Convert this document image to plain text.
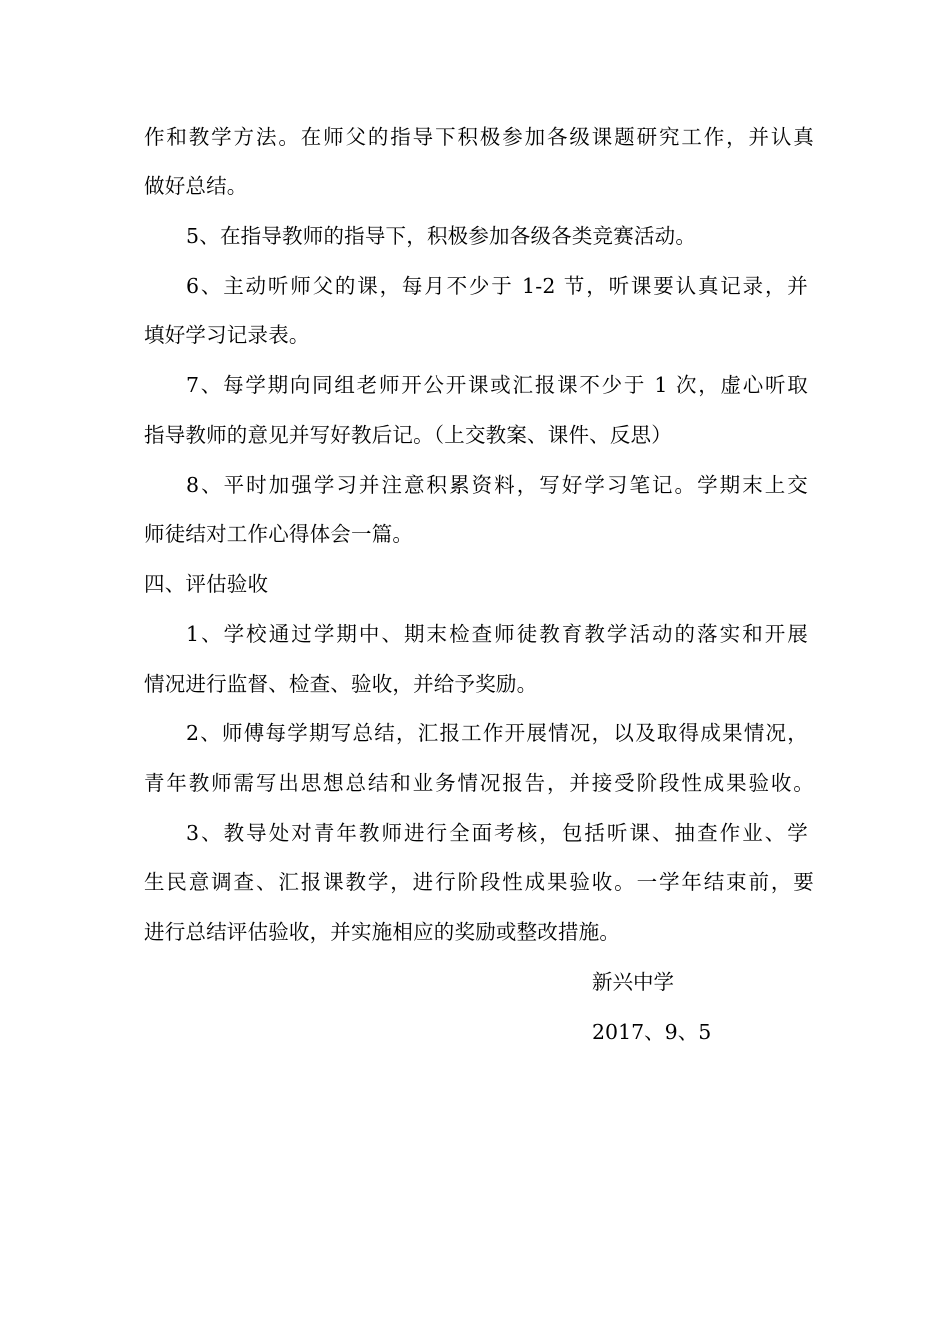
作和教学方法。在师父的指导下积极参加各级课题研究工作，并认真
做好总结。
5、在指导教师的指导下，积极参加各级各类竞赛活动。
6、主动听师父的课，每月不少于 1-2 节，听课要认真记录，并
填好学习记录表。
7、每学期向同组老师开公开课或汇报课不少于 1 次，虚心听取
指导教师的意见并写好教后记。（上交教案、课件、反思）
8、平时加强学习并注意积累资料，写好学习笔记。学期末上交
师徒结对工作心得体会一篇。
四、评估验收
1、学校通过学期中、期末检查师徒教育教学活动的落实和开展
情况进行监督、检查、验收，并给予奖励。
2、师傅每学期写总结，汇报工作开展情况，以及取得成果情况，
青年教师需写出思想总结和业务情况报告，并接受阶段性成果验收。
3、教导处对青年教师进行全面考核，包括听课、抽查作业、学
生民意调查、汇报课教学，进行阶段性成果验收。一学年结束前，要
进行总结评估验收，并实施相应的奖励或整改措施。
新兴中学
2017、9、5
